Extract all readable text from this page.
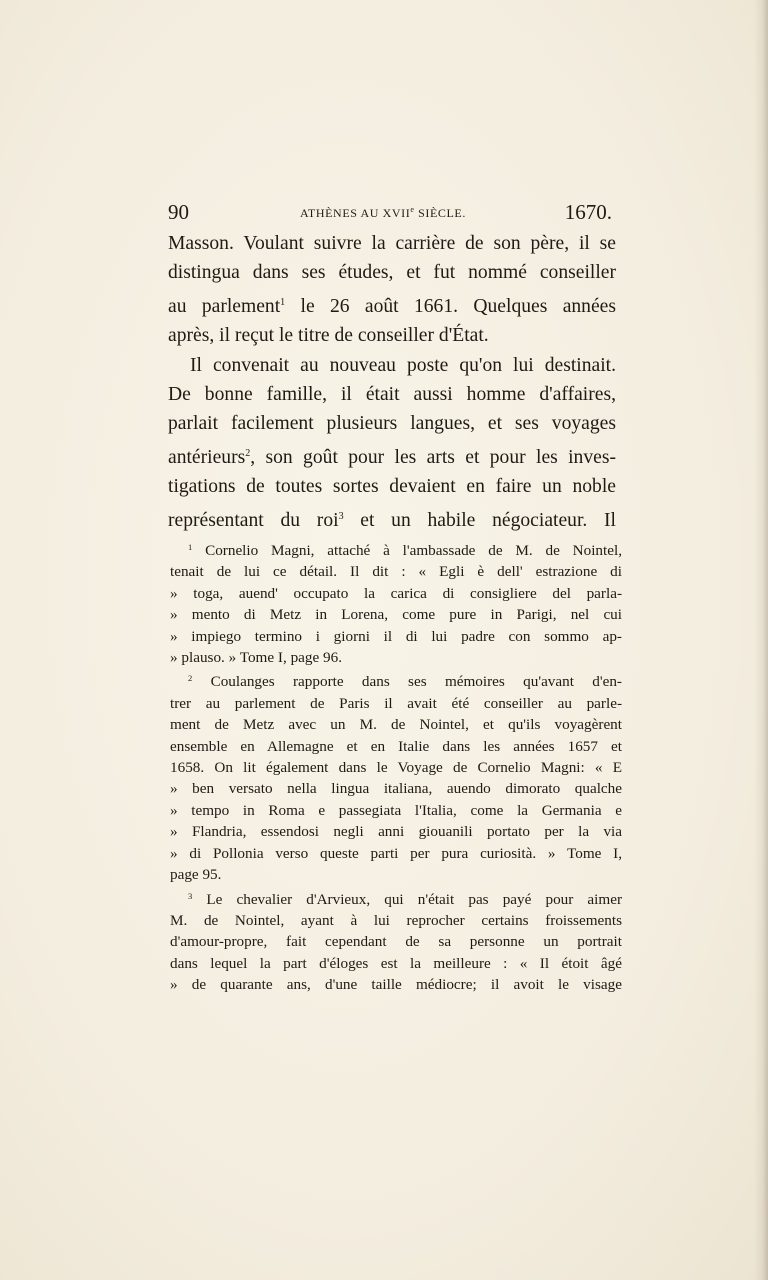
90	ATHÈNES AU XVIIe SIÈCLE.	1670.
Masson. Voulant suivre la carrière de son père, il se
distingua dans ses études, et fut nommé conseiller
au parlement$^1$ le 26 août 1661. Quelques années
après, il reçut le titre de conseiller d'État.
Il convenait au nouveau poste qu'on lui destinait.
De bonne famille, il était aussi homme d'affaires,
parlait facilement plusieurs langues, et ses voyages
antérieurs$^2$, son goût pour les arts et pour les inves-
tigations de toutes sortes devaient en faire un noble
représentant du roi$^3$ et un habile négociateur. Il
$^1$ Cornelio Magni, attaché à l'ambassade de M. de Nointel,
tenait de lui ce détail. Il dit : « Egli è dell' estrazione di
» toga, auend' occupato la carica di consigliere del parla-
» mento di Metz in Lorena, come pure in Parigi, nel cui
» impiego termino i giorni il di lui padre con sommo ap-
» plauso. » Tome I, page 96.
$^2$ Coulanges rapporte dans ses mémoires qu'avant d'en-
trer au parlement de Paris il avait été conseiller au parle-
ment de Metz avec un M. de Nointel, et qu'ils voyagèrent
ensemble en Allemagne et en Italie dans les années 1657 et
1658. On lit également dans le Voyage de Cornelio Magni: « E
» ben versato nella lingua italiana, auendo dimorato qualche
» tempo in Roma e passegiata l'Italia, come la Germania e
» Flandria, essendosi negli anni giouanili portato per la via
» di Pollonia verso queste parti per pura curiosità. » Tome I,
page 95.
$^3$ Le chevalier d'Arvieux, qui n'était pas payé pour aimer
M. de Nointel, ayant à lui reprocher certains froissements
d'amour-propre, fait cependant de sa personne un portrait
dans lequel la part d'éloges est la meilleure : « Il étoit âgé
» de quarante ans, d'une taille médiocre; il avoit le visage
